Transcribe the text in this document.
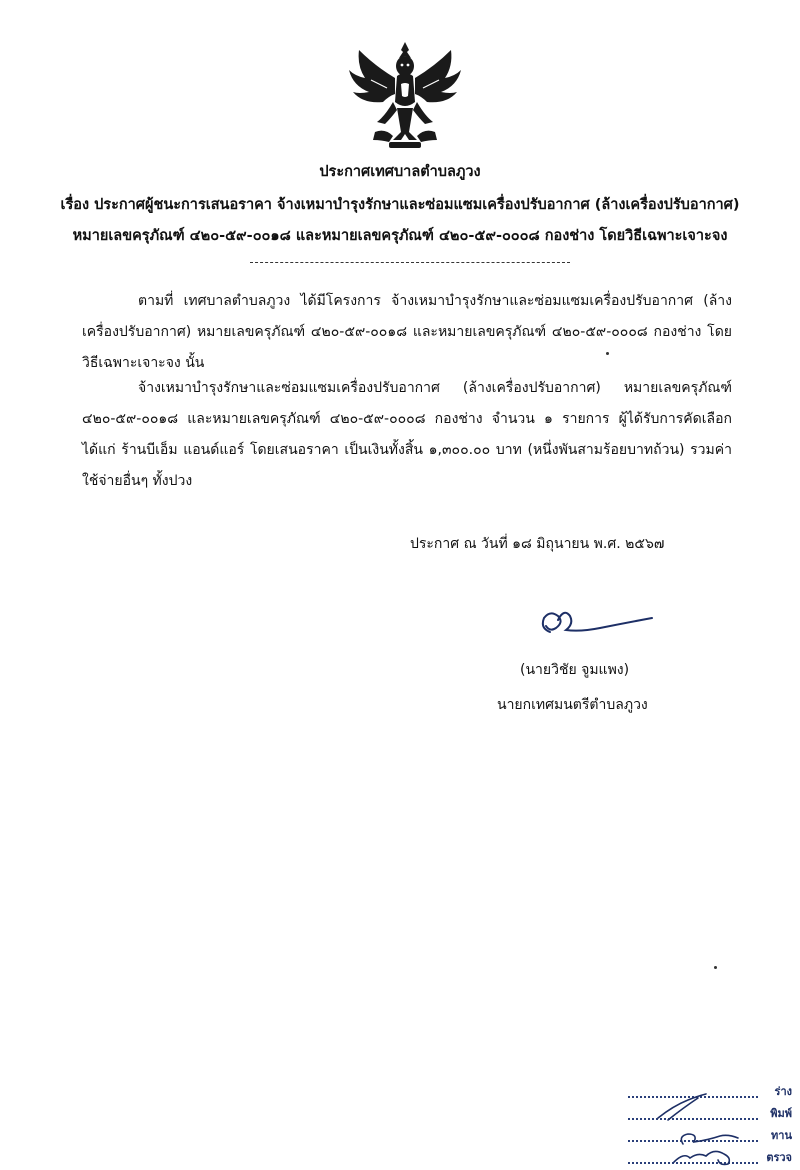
ประกาศเทศบาลตำบลภูวง
เรื่อง ประกาศผู้ชนะการเสนอราคา จ้างเหมาบำรุงรักษาและซ่อมแซมเครื่องปรับอากาศ (ล้างเครื่องปรับอากาศ)
หมายเลขครุภัณฑ์ ๔๒๐-๕๙-๐๐๑๘ และหมายเลขครุภัณฑ์ ๔๒๐-๕๙-๐๐๐๘ กองช่าง โดยวิธีเฉพาะเจาะจง
ตามที่ เทศบาลตำบลภูวง ได้มีโครงการ จ้างเหมาบำรุงรักษาและซ่อมแซมเครื่องปรับอากาศ (ล้างเครื่องปรับอากาศ) หมายเลขครุภัณฑ์ ๔๒๐-๕๙-๐๐๑๘ และหมายเลขครุภัณฑ์ ๔๒๐-๕๙-๐๐๐๘ กองช่าง โดยวิธีเฉพาะเจาะจง นั้น
จ้างเหมาบำรุงรักษาและซ่อมแซมเครื่องปรับอากาศ (ล้างเครื่องปรับอากาศ) หมายเลขครุภัณฑ์ ๔๒๐-๕๙-๐๐๑๘ และหมายเลขครุภัณฑ์ ๔๒๐-๕๙-๐๐๐๘ กองช่าง จำนวน ๑ รายการ ผู้ได้รับการคัดเลือก ได้แก่ ร้านบีเอ็ม แอนด์แอร์ โดยเสนอราคา เป็นเงินทั้งสิ้น ๑,๓๐๐.๐๐ บาท (หนึ่งพันสามร้อยบาทถ้วน) รวมค่าใช้จ่ายอื่นๆ ทั้งปวง
ประกาศ ณ วันที่ ๑๘ มิถุนายน พ.ศ. ๒๕๖๗
(นายวิชัย จูมแพง)
นายกเทศมนตรีตำบลภูวง
ร่าง
พิมพ์
ทาน
ตรวจ
